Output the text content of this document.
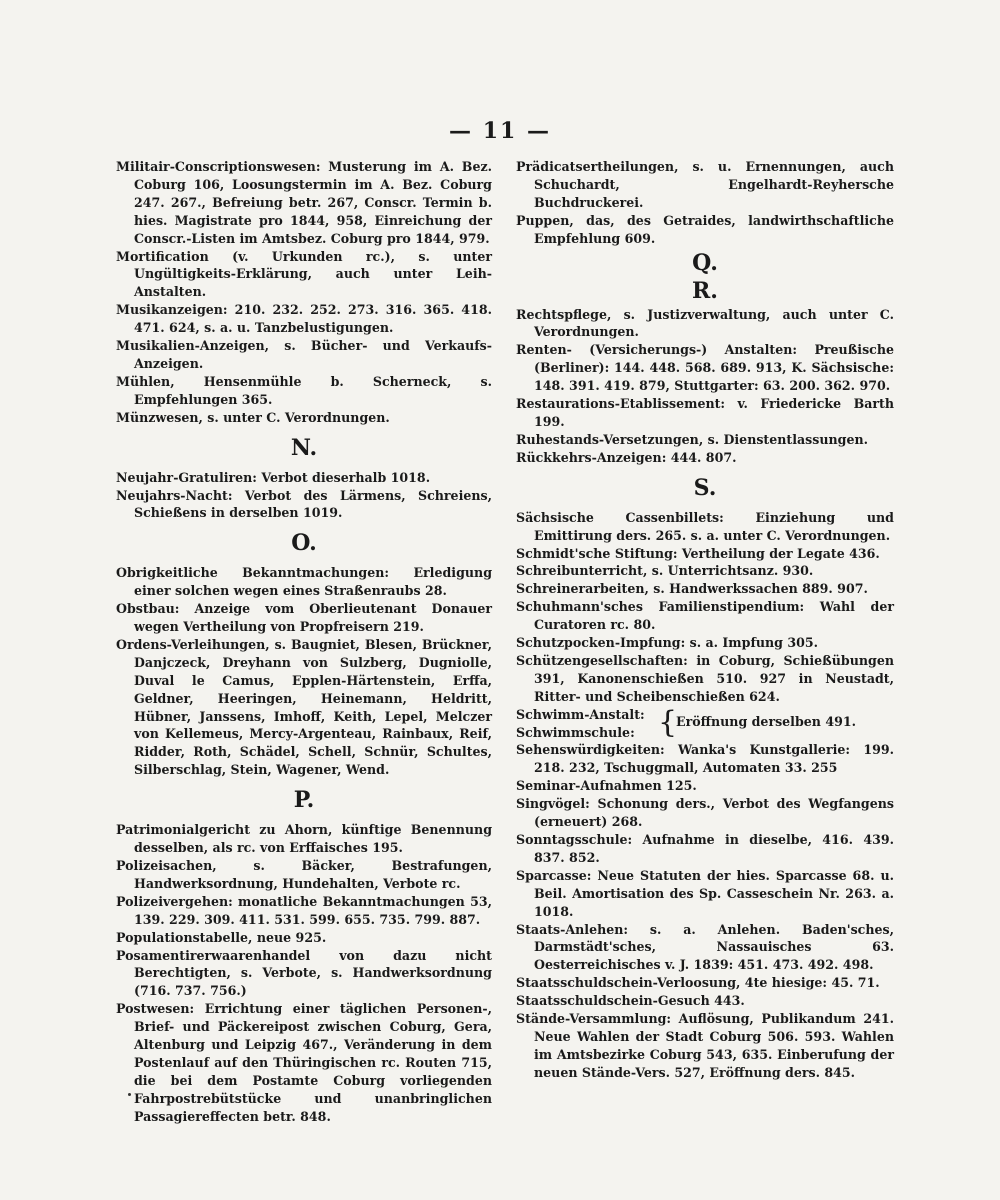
— 11 —

Militair-Conscriptionswesen: Musterung im A. Bez. Coburg 106, Loosungstermin im A. Bez. Coburg 247. 267., Befreiung betr. 267, Conscr. Termin b. hies. Magistrate pro 1844, 958, Einreichung der Conscr.-Listen im Amtsbez. Coburg pro 1844, 979.

Mortification (v. Urkunden rc.), s. unter Ungültigkeits-Erklärung, auch unter Leih-Anstalten.

Musikanzeigen: 210. 232. 252. 273. 316. 365. 418. 471. 624, s. a. u. Tanzbelustigungen.

Musikalien-Anzeigen, s. Bücher- und Verkaufs-Anzeigen.

Mühlen, Hensenmühle b. Scherneck, s. Empfehlungen 365.

Münzwesen, s. unter C. Verordnungen.

N.

Neujahr-Gratuliren: Verbot dieserhalb 1018.

Neujahrs-Nacht: Verbot des Lärmens, Schreiens, Schießens in derselben 1019.

O.

Obrigkeitliche Bekanntmachungen: Erledigung einer solchen wegen eines Straßenraubs 28.

Obstbau: Anzeige vom Oberlieutenant Donauer wegen Vertheilung von Propfreisern 219.

Ordens-Verleihungen, s. Baugniet, Blesen, Brückner, Danjczeck, Dreyhann von Sulzberg, Dugniolle, Duval le Camus, Epplen-Härtenstein, Erffa, Geldner, Heeringen, Heinemann, Heldritt, Hübner, Janssens, Imhoff, Keith, Lepel, Melczer von Kellemeus, Mercy-Argenteau, Rainbaux, Reif, Ridder, Roth, Schädel, Schell, Schnür, Schultes, Silberschlag, Stein, Wagener, Wend.

P.

Patrimonialgericht zu Ahorn, künftige Benennung desselben, als rc. von Erffaisches 195.

Polizeisachen, s. Bäcker, Bestrafungen, Handwerksordnung, Hundehalten, Verbote rc.

Polizeivergehen: monatliche Bekanntmachungen 53, 139. 229. 309. 411. 531. 599. 655. 735. 799. 887.

Populationstabelle, neue 925.

Posamentirerwaarenhandel von dazu nicht Berechtigten, s. Verbote, s. Handwerksordnung (716. 737. 756.)

Postwesen: Errichtung einer täglichen Personen-, Brief- und Päckereipost zwischen Coburg, Gera, Altenburg und Leipzig 467., Veränderung in dem Postenlauf auf den Thüringischen rc. Routen 715, die bei dem Postamte Coburg vorliegenden Fahrpostrebütstücke und unanbringlichen Passagiereffecten betr. 848.

Prädicatsertheilungen, s. u. Ernennungen, auch Schuchardt, Engelhardt-Reyhersche Buchdruckerei.

Puppen, das, des Getraides, landwirthschaftliche Empfehlung 609.

Q.
R.

Rechtspflege, s. Justizverwaltung, auch unter C. Verordnungen.

Renten- (Versicherungs-) Anstalten: Preußische (Berliner): 144. 448. 568. 689. 913, K. Sächsische: 148. 391. 419. 879, Stuttgarter: 63. 200. 362. 970.

Restaurations-Etablissement: v. Friedericke Barth 199.

Ruhestands-Versetzungen, s. Dienstentlassungen.

Rückkehrs-Anzeigen: 444. 807.

S.

Sächsische Cassenbillets: Einziehung und Emittirung ders. 265. s. a. unter C. Verordnungen.

Schmidt'sche Stiftung: Vertheilung der Legate 436.

Schreibunterricht, s. Unterrichtsanz. 930.

Schreinerarbeiten, s. Handwerkssachen 889. 907.

Schuhmann'sches Familienstipendium: Wahl der Curatoren rc. 80.

Schutzpocken-Impfung: s. a. Impfung 305.

Schützengesellschaften: in Coburg, Schießübungen 391, Kanonenschießen 510. 927 in Neustadt, Ritter- und Scheibenschießen 624.

Schwimm-Anstalt:

Schwimmschule: {
Eröffnung derselben 491.

Sehenswürdigkeiten: Wanka's Kunstgallerie: 199. 218. 232, Tschuggmall, Automaten 33. 255

Seminar-Aufnahmen 125.

Singvögel: Schonung ders., Verbot des Wegfangens (erneuert) 268.

Sonntagsschule: Aufnahme in dieselbe, 416. 439. 837. 852.

Sparcasse: Neue Statuten der hies. Sparcasse 68. u. Beil. Amortisation des Sp. Casseschein Nr. 263. a. 1018.

Staats-Anlehen: s. a. Anlehen. Baden'sches, Darmstädt'sches, Nassauisches 63. Oesterreichisches v. J. 1839: 451. 473. 492. 498.

Staatsschuldschein-Verloosung, 4te hiesige: 45. 71.

Staatsschuldschein-Gesuch 443.

Stände-Versammlung: Auflösung, Publikandum 241. Neue Wahlen der Stadt Coburg 506. 593. Wahlen im Amtsbezirke Coburg 543, 635. Einberufung der neuen Stände-Vers. 527, Eröffnung ders. 845.
